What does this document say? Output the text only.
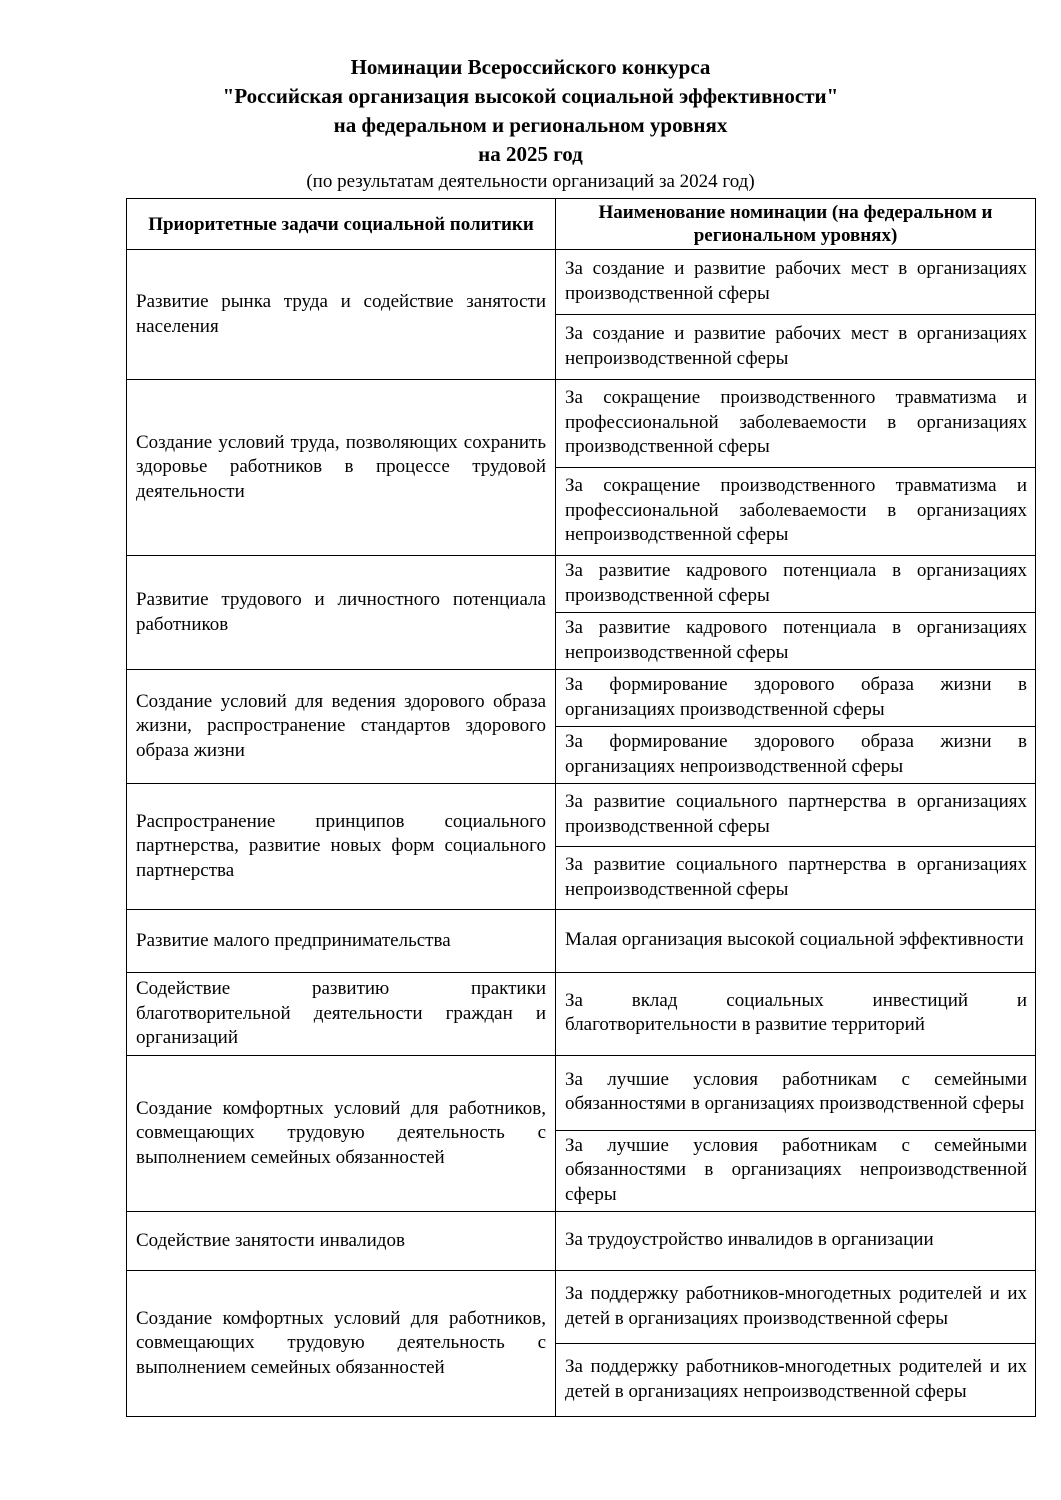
Номинации Всероссийского конкурса
"Российская организация высокой социальной эффективности"
на федеральном и региональном уровнях
на 2025 год
(по результатам деятельности организаций за 2024 год)
Приоритетные задачи социальной политики	Наименование номинации (на федеральном и региональном уровнях)
Развитие рынка труда и содействие занятости населения	За создание и развитие рабочих мест в организациях производственной сферы
	За создание и развитие рабочих мест в организациях непроизводственной сферы
Создание условий труда, позволяющих сохранить здоровье работников в процессе трудовой деятельности	За сокращение производственного травматизма и профессиональной заболеваемости в организациях производственной сферы
	За сокращение производственного травматизма и профессиональной заболеваемости в организациях непроизводственной сферы
Развитие трудового и личностного потенциала работников	За развитие кадрового потенциала в организациях производственной сферы
	За развитие кадрового потенциала в организациях непроизводственной сферы
Создание условий для ведения здорового образа жизни, распространение стандартов здорового образа жизни	За формирование здорового образа жизни в организациях производственной сферы
	За формирование здорового образа жизни в организациях непроизводственной сферы
Распространение принципов социального партнерства, развитие новых форм социального партнерства	За развитие социального партнерства в организациях производственной сферы
	За развитие социального партнерства в организациях непроизводственной сферы
Развитие малого предпринимательства	Малая организация высокой социальной эффективности
Содействие развитию практики благотворительной деятельности граждан и организаций	За вклад социальных инвестиций и благотворительности в развитие территорий
Создание комфортных условий для работников, совмещающих трудовую деятельность с выполнением семейных обязанностей	За лучшие условия работникам с семейными обязанностями в организациях производственной сферы
	За лучшие условия работникам с семейными обязанностями в организациях непроизводственной сферы
Содействие занятости инвалидов	За трудоустройство инвалидов в организации
Создание комфортных условий для работников, совмещающих трудовую деятельность с выполнением семейных обязанностей	За поддержку работников-многодетных родителей и их детей в организациях производственной сферы
	За поддержку работников-многодетных родителей и их детей в организациях непроизводственной сферы
